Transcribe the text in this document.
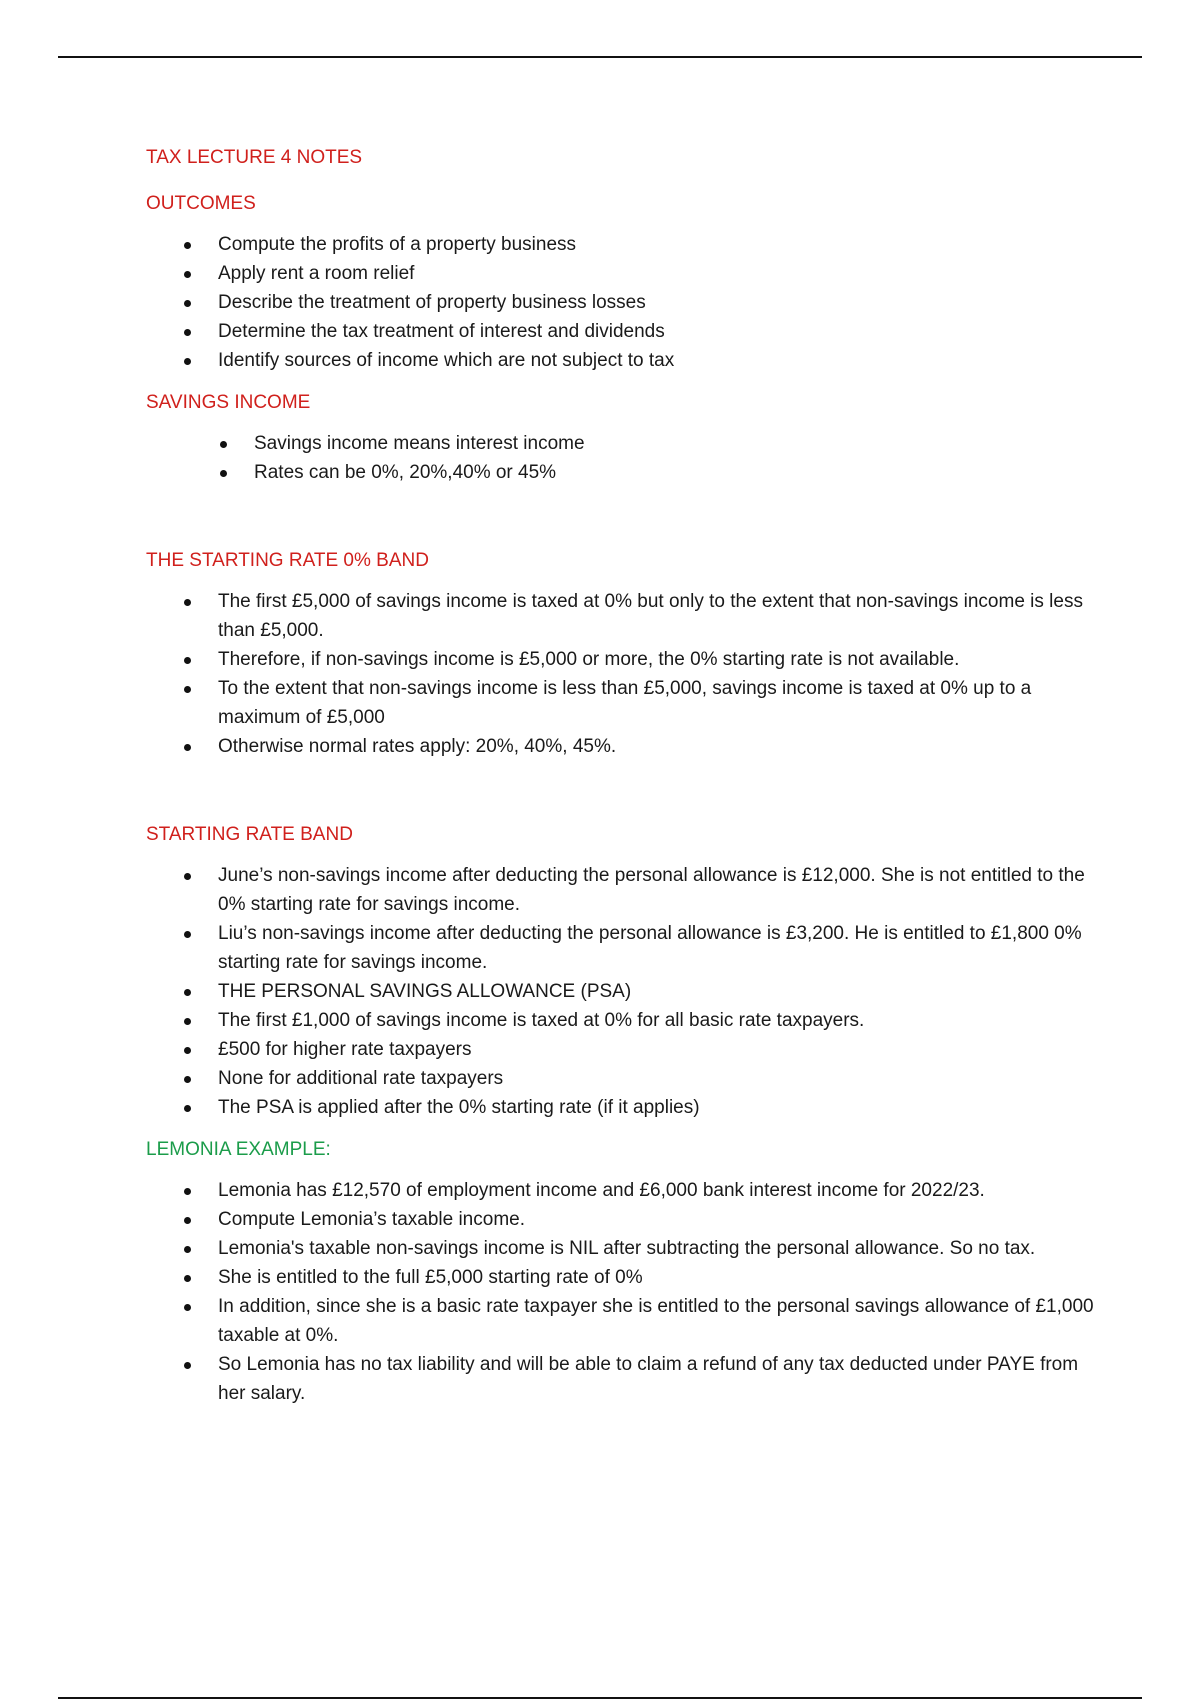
TAX LECTURE 4 NOTES
OUTCOMES
Compute the profits of a property business
Apply rent a room relief
Describe the treatment of property business losses
Determine the tax treatment of interest and dividends
Identify sources of income which are not subject to tax
SAVINGS INCOME
Savings income means interest income
Rates can be 0%, 20%,40% or 45%
THE STARTING RATE 0% BAND
The first £5,000 of savings income is taxed at 0% but only to the extent that non-savings income is less than £5,000.
Therefore, if non-savings income is £5,000 or more, the 0% starting rate is not available.
To the extent that non-savings income is less than £5,000, savings income is taxed at 0% up to a maximum of £5,000
Otherwise normal rates apply: 20%, 40%, 45%.
STARTING RATE BAND
June’s non-savings income after deducting the personal allowance is £12,000. She is not entitled to the 0% starting rate for savings income.
Liu’s non-savings income after deducting the personal allowance is £3,200. He is entitled to £1,800 0% starting rate for savings income.
THE PERSONAL SAVINGS ALLOWANCE (PSA)
The first £1,000 of savings income is taxed at 0% for all basic rate taxpayers.
£500 for higher rate taxpayers
None for additional rate taxpayers
The PSA is applied after the 0% starting rate (if it applies)
LEMONIA EXAMPLE:
Lemonia has £12,570 of employment income and £6,000 bank interest income for 2022/23.
Compute Lemonia’s taxable income.
Lemonia's taxable non-savings income is NIL after subtracting the personal allowance. So no tax.
She is entitled to the full £5,000 starting rate of 0%
In addition, since she is a basic rate taxpayer she is entitled to the personal savings allowance of £1,000 taxable at 0%.
So Lemonia has no tax liability and will be able to claim a refund of any tax deducted under PAYE from her salary.
